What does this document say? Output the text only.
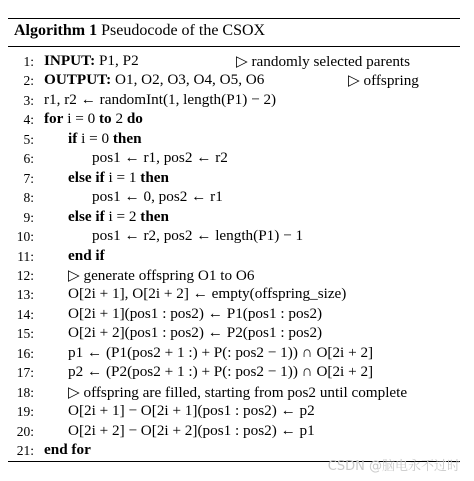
Algorithm 1 Pseudocode of the CSOX
1: INPUT: P1, P2	▷ randomly selected parents
2: OUTPUT: O1, O2, O3, O4, O5, O6	▷ offspring
3: r1, r2 ← randomInt(1, length(P1) − 2)
4: for i = 0 to 2 do
5: if i = 0 then
6:	pos1 ← r1, pos2 ← r2
7: else if i = 1 then
8:	pos1 ← 0, pos2 ← r1
9: else if i = 2 then
10:	pos1 ← r2, pos2 ← length(P1) − 1
11: end if
12: ▷ generate offspring O1 to O6
13: O[2i + 1], O[2i + 2] ← empty(offspring_size)
14: O[2i + 1](pos1 : pos2) ← P1(pos1 : pos2)
15: O[2i + 2](pos1 : pos2) ← P2(pos1 : pos2)
16: p1 ← (P1(pos2 + 1 :) + P(: pos2 − 1)) ∩ O[2i + 2]
17: p2 ← (P2(pos2 + 1 :) + P(: pos2 − 1)) ∩ O[2i + 2]
18: ▷ offspring are filled, starting from pos2 until complete
19: O[2i + 1] − O[2i + 1](pos1 : pos2) ← p2
20: O[2i + 2] − O[2i + 2](pos1 : pos2) ← p1
21: end for
CSDN @脑电永不过时
